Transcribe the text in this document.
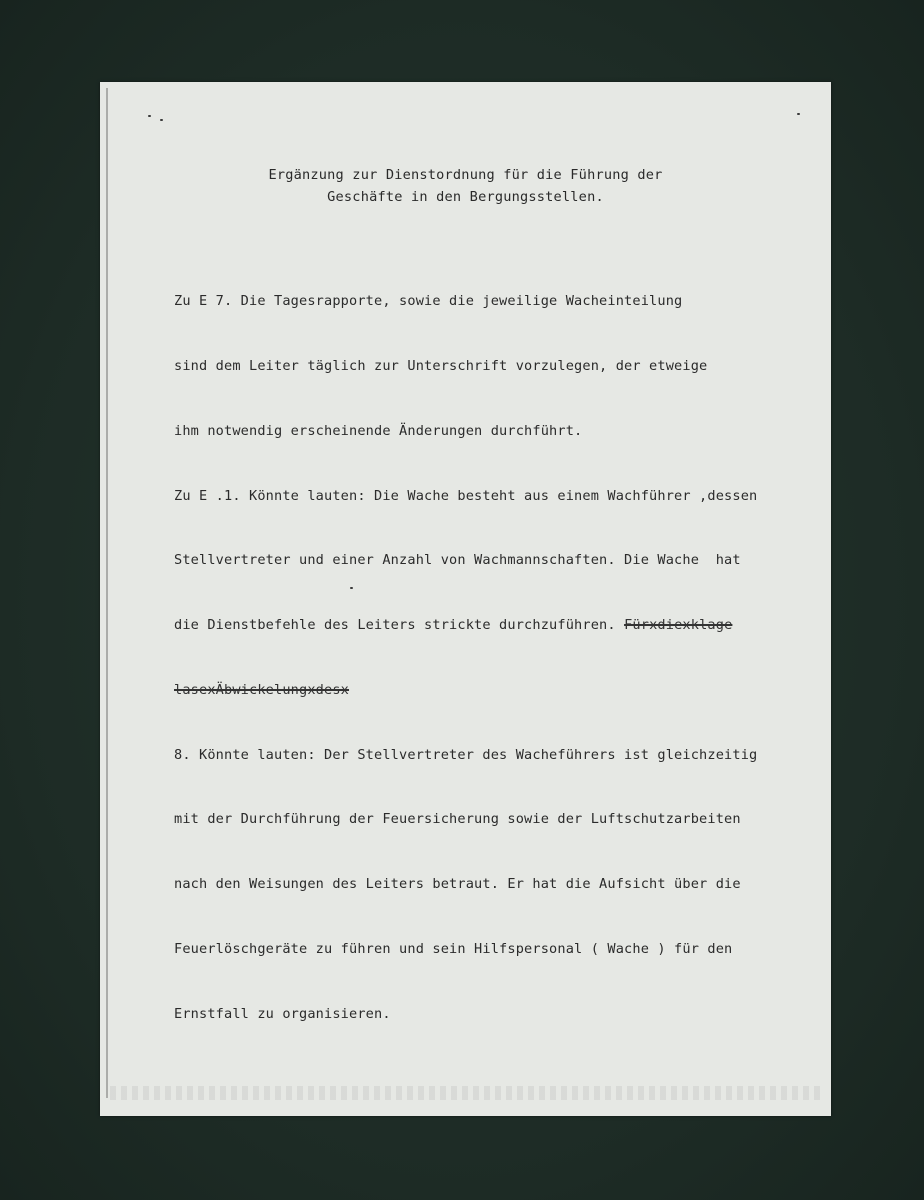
Ergänzung zur Dienstordnung für die Führung der
Geschäfte in den Bergungsstellen.

Zu E 7. Die Tagesrapporte, sowie die jeweilige Wacheinteilung

sind dem Leiter täglich zur Unterschrift vorzulegen, der etweige

ihm notwendig erscheinende Änderungen durchführt.

Zu E .1. Könnte lauten: Die Wache besteht aus einem Wachführer ,dessen

Stellvertreter und einer Anzahl von Wachmannschaften. Die Wache  hat

die Dienstbefehle des Leiters strickte durchzuführen. Fürxdiexklage

lasexÄbwickelungxdesx

8. Könnte lauten: Der Stellvertreter des Wacheführers ist gleichzeitig

mit der Durchführung der Feuersicherung sowie der Luftschutzarbeiten

nach den Weisungen des Leiters betraut. Er hat die Aufsicht über die

Feuerlöschgeräte zu führen und sein Hilfspersonal ( Wache ) für den

Ernstfall zu organisieren.
